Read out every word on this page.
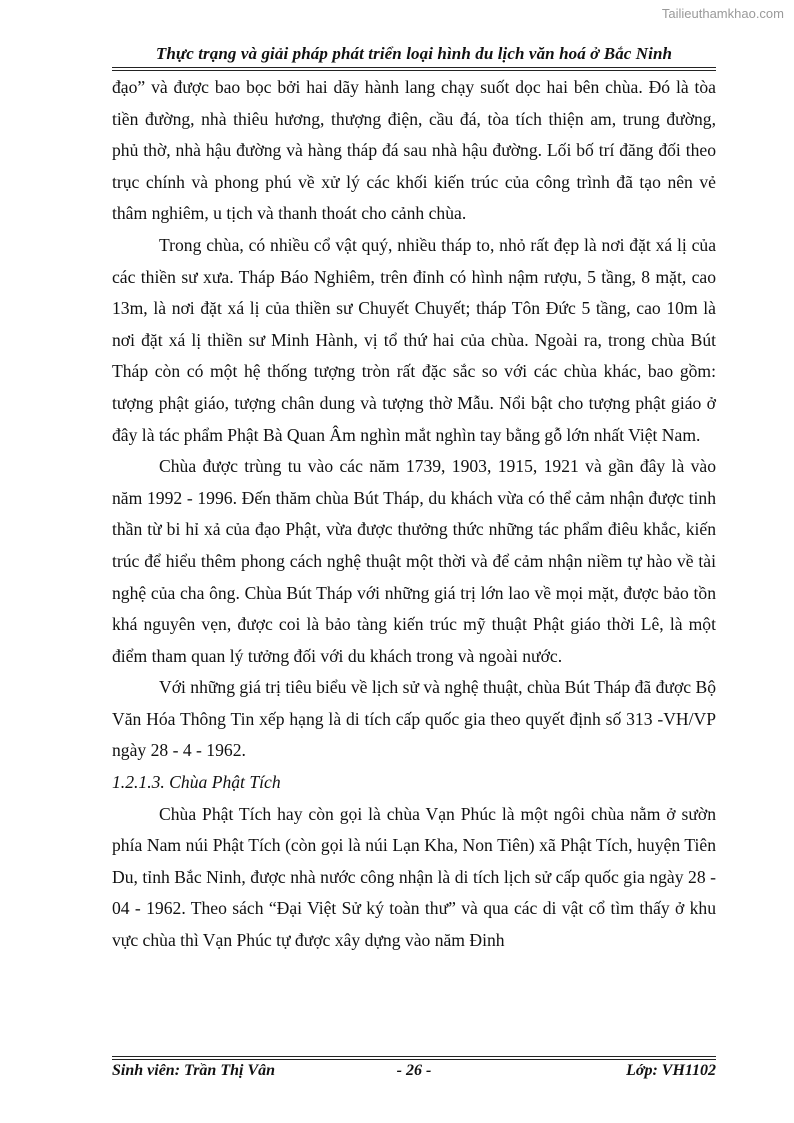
Tailieuthamkhao.com
Thực trạng và giải pháp phát triển loại hình du lịch văn hoá ở Bắc Ninh

đạo” và được bao bọc bởi hai dãy hành lang chạy suốt dọc hai bên chùa. Đó là tòa tiền đường, nhà thiêu hương, thượng điện, cầu đá, tòa tích thiện am, trung đường, phủ thờ, nhà hậu đường và hàng tháp đá sau nhà hậu đường. Lối bố trí đăng đối theo trục chính và phong phú về xử lý các khối kiến trúc của công trình đã tạo nên vẻ thâm nghiêm, u tịch và thanh thoát cho cảnh chùa.

Trong chùa, có nhiều cổ vật quý, nhiều tháp to, nhỏ rất đẹp là nơi đặt xá lị của các thiền sư xưa. Tháp Báo Nghiêm, trên đỉnh có hình nậm rượu, 5 tầng, 8 mặt, cao 13m, là nơi đặt xá lị của thiền sư Chuyết Chuyết; tháp Tôn Đức 5 tầng, cao 10m là nơi đặt xá lị thiền sư Minh Hành, vị tổ thứ hai của chùa. Ngoài ra, trong chùa Bút Tháp còn có một hệ thống tượng tròn rất đặc sắc so với các chùa khác, bao gồm: tượng phật giáo, tượng chân dung và tượng thờ Mẫu. Nổi bật cho tượng phật giáo ở đây là tác phẩm Phật Bà Quan Âm nghìn mắt nghìn tay bằng gỗ lớn nhất Việt Nam.

Chùa được trùng tu vào các năm 1739, 1903, 1915, 1921 và gần đây là vào năm 1992 - 1996. Đến thăm chùa Bút Tháp, du khách vừa có thể cảm nhận được tinh thần từ bi hỉ xả của đạo Phật, vừa được thưởng thức những tác phẩm điêu khắc, kiến trúc để hiểu thêm phong cách nghệ thuật một thời và để cảm nhận niềm tự hào về tài nghệ của cha ông. Chùa Bút Tháp với những giá trị lớn lao về mọi mặt, được bảo tồn khá nguyên vẹn, được coi là bảo tàng kiến trúc mỹ thuật Phật giáo thời Lê, là một điểm tham quan lý tưởng đối với du khách trong và ngoài nước.

Với những giá trị tiêu biểu về lịch sử và nghệ thuật, chùa Bút Tháp đã được Bộ Văn Hóa Thông Tin xếp hạng là di tích cấp quốc gia theo quyết định số 313 -VH/VP ngày 28 - 4 - 1962.

1.2.1.3. Chùa Phật Tích

Chùa Phật Tích hay còn gọi là chùa Vạn Phúc là một ngôi chùa nằm ở sườn phía Nam núi Phật Tích (còn gọi là núi Lạn Kha, Non Tiên) xã Phật Tích, huyện Tiên Du, tỉnh Bắc Ninh, được nhà nước công nhận là di tích lịch sử cấp quốc gia ngày 28 - 04 - 1962. Theo sách “Đại Việt Sử ký toàn thư” và qua các di vật cổ tìm thấy ở khu vực chùa thì Vạn Phúc tự được xây dựng vào năm Đinh

Sinh viên: Trần Thị Vân	- 26 -	Lớp: VH1102
